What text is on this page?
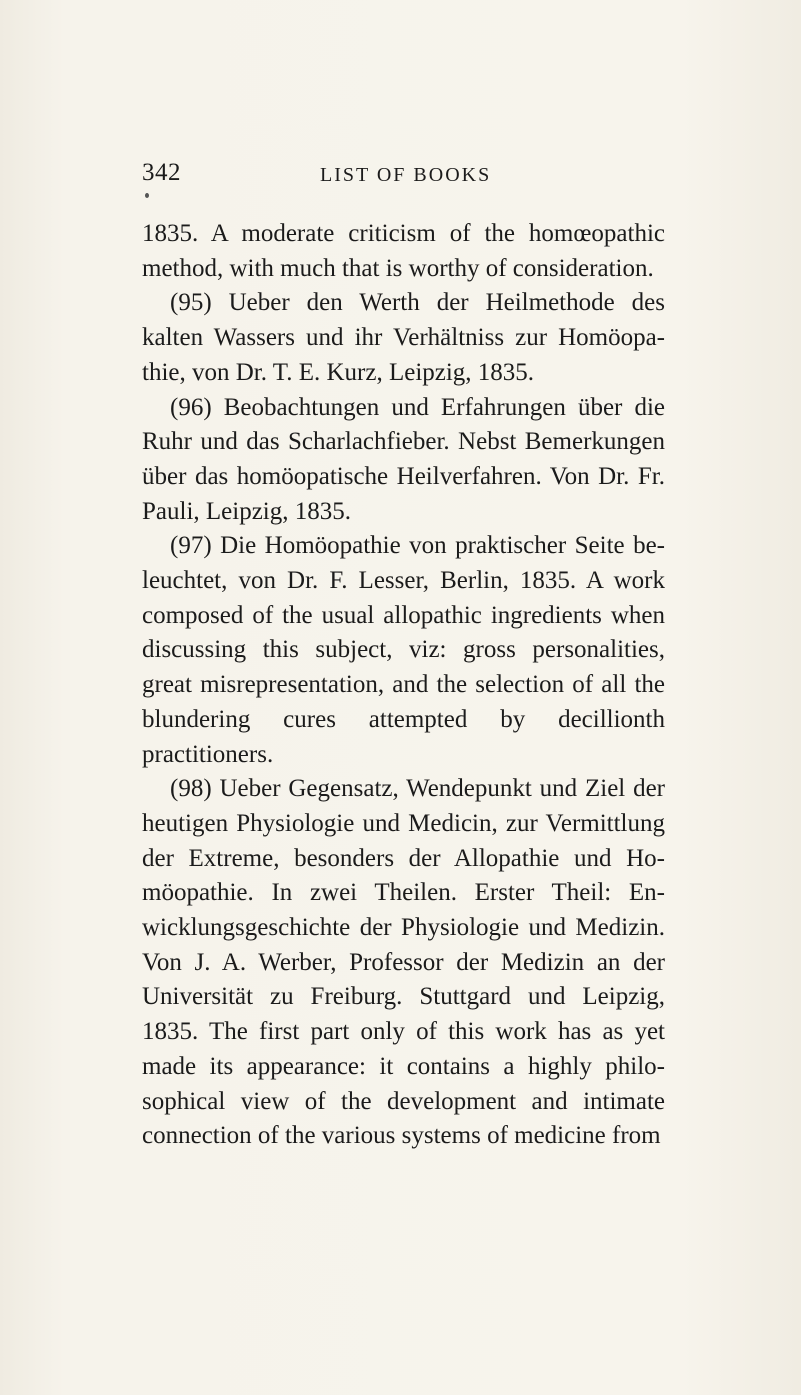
342	LIST OF BOOKS

1835. A moderate criticism of the homœopathic method, with much that is worthy of consideration.

(95) Ueber den Werth der Heilmethode des kalten Wassers und ihr Verhältniss zur Homöopathie, von Dr. T. E. Kurz, Leipzig, 1835.

(96) Beobachtungen und Erfahrungen über die Ruhr und das Scharlachfieber. Nebst Bemerkungen über das homöopatische Heilverfahren. Von Dr. Fr. Pauli, Leipzig, 1835.

(97) Die Homöopathie von praktischer Seite beleuchtet, von Dr. F. Lesser, Berlin, 1835. A work composed of the usual allopathic ingredients when discussing this subject, viz: gross personalities, great misrepresentation, and the selection of all the blundering cures attempted by decillionth practitioners.

(98) Ueber Gegensatz, Wendepunkt und Ziel der heutigen Physiologie und Medicin, zur Vermittlung der Extreme, besonders der Allopathie und Homöopathie. In zwei Theilen. Erster Theil: Enwicklungsgeschichte der Physiologie und Medizin. Von J. A. Werber, Professor der Medizin an der Universität zu Freiburg. Stuttgard und Leipzig, 1835. The first part only of this work has as yet made its appearance: it contains a highly philosophical view of the development and intimate connection of the various systems of medicine from
